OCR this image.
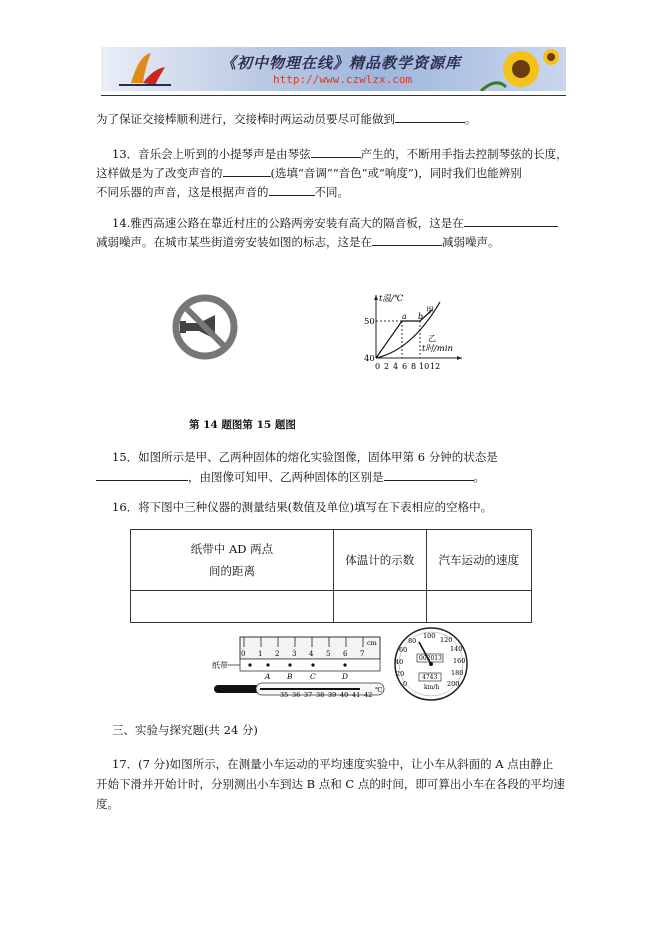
《初中物理在线》精品教学资源库
http://www.czwlzx.com
为了保证交接棒顺利进行，交接棒时两运动员要尽可能做到	。
13．音乐会上听到的小提琴声是由琴弦	产生的，不断用手指去控制琴弦的长度，
这样做是为了改变声音的	(选填“音调”“音色”或“响度”)，同时我们也能辨别
不同乐器的声音，这是根据声音的	不同。
14.雅西高速公路在靠近村庄的公路两旁安装有高大的隔音板，这是在
减弱噪声。在城市某些街道旁安装如图的标志，这是在	减弱噪声。
t温/℃
t时/min
50
40
0 2 4 6 8 10 12
a b
甲
乙
第 14 题图第 15 题图
15．如图所示是甲、乙两种固体的熔化实验图像，固体甲第 6 分钟的状态是
，由图像可知甲、乙两种固体的区别是	。
16．将下图中三种仪器的测量结果(数值及单位)填写在下表相应的空格中。
纸带中 AD 两点
间的距离	体温计的示数	汽车运动的速度

0 1 2 3 4 5 6 7
cm
纸带
A B C	D
35 36 37 38 39 40 41 42
℃
0
20
40
60
80
100 120
140
160
180
200
002013
4743
km/h
三、实验与探究题(共 24 分)
17．(7 分)如图所示，在测量小车运动的平均速度实验中，让小车从斜面的 A 点由静止
开始下滑并开始计时，分别测出小车到达 B 点和 C 点的时间，即可算出小车在各段的平均速
度。
